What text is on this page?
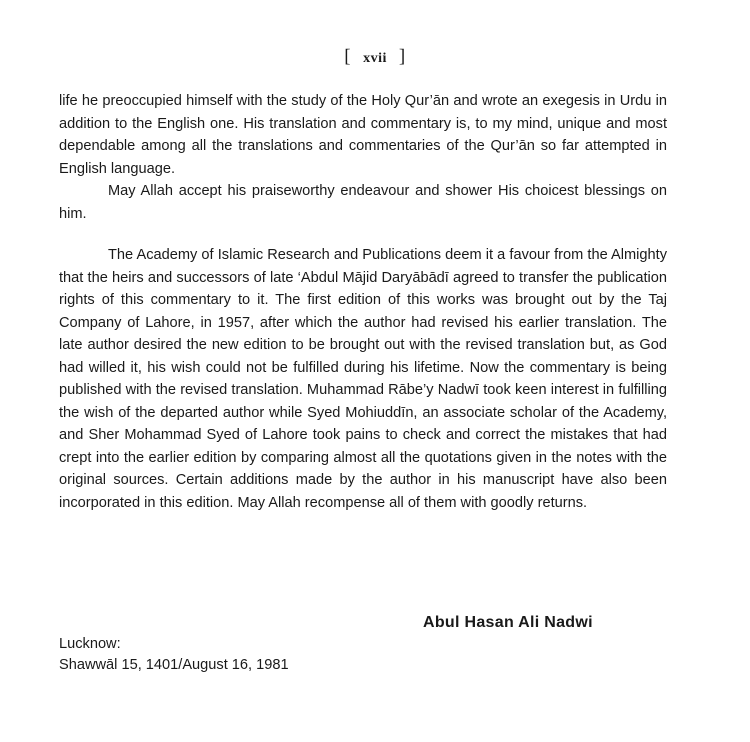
[ xvii ]

life he preoccupied himself with the study of the Holy Qur’ān and wrote an exegesis in Urdu in addition to the English one. His translation and commentary is, to my mind, unique and most dependable among all the translations and commentaries of the Qur’ān so far attempted in English language.

May Allah accept his praiseworthy endeavour and shower His choicest blessings on him.

The Academy of Islamic Research and Publications deem it a favour from the Almighty that the heirs and successors of late ‘Abdul Mājid Daryābādī agreed to transfer the publication rights of this commentary to it. The first edition of this works was brought out by the Taj Company of Lahore, in 1957, after which the author had revised his earlier translation. The late author desired the new edition to be brought out with the revised translation but, as God had willed it, his wish could not be fulfilled during his lifetime. Now the commentary is being published with the revised translation. Muhammad Rābe’y Nadwī took keen interest in fulfilling the wish of the departed author while Syed Mohiuddīn, an associate scholar of the Academy, and Sher Mohammad Syed of Lahore took pains to check and correct the mistakes that had crept into the earlier edition by comparing almost all the quotations given in the notes with the original sources. Certain additions made by the author in his manuscript have also been incorporated in this edition. May Allah recompense all of them with goodly returns.

Abul Hasan Ali Nadwi
Lucknow:
Shawwāl 15, 1401/August 16, 1981
